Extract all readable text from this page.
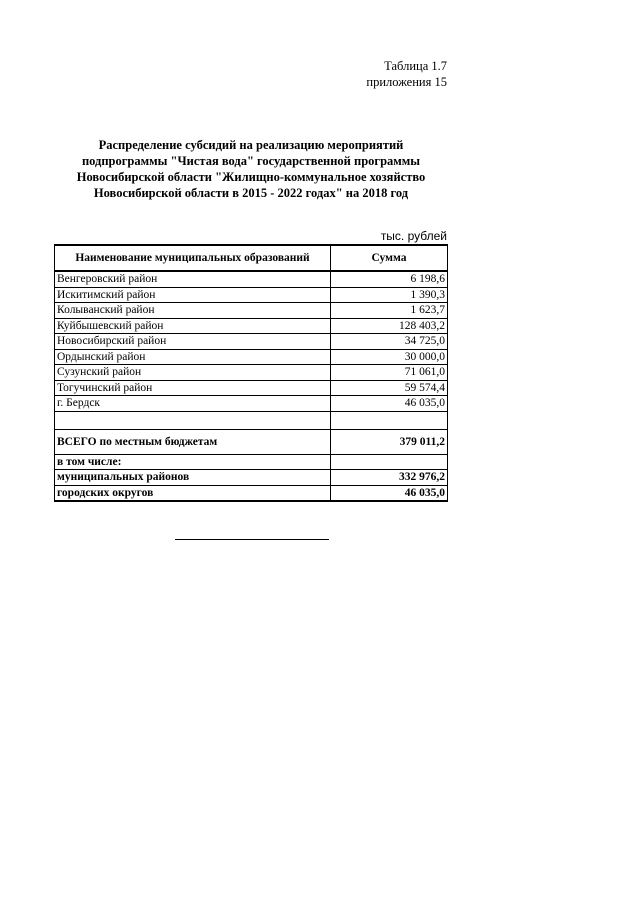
Таблица 1.7
приложения 15
Распределение субсидий на реализацию мероприятий
подпрограммы "Чистая вода" государственной программы
Новосибирской области "Жилищно-коммунальное хозяйство
Новосибирской области в 2015 - 2022 годах" на 2018 год
тыс. рублей
Наименование муниципальных образований	Сумма
Венгеровский район	6 198,6
Искитимский район	1 390,3
Колыванский район	1 623,7
Куйбышевский район	128 403,2
Новосибирский район	34 725,0
Ордынский район	30 000,0
Сузунский район	71 061,0
Тогучинский район	59 574,4
г. Бердск	46 035,0

ВСЕГО по местным бюджетам	379 011,2
в том числе:	
муниципальных районов	332 976,2
городских округов	46 035,0
